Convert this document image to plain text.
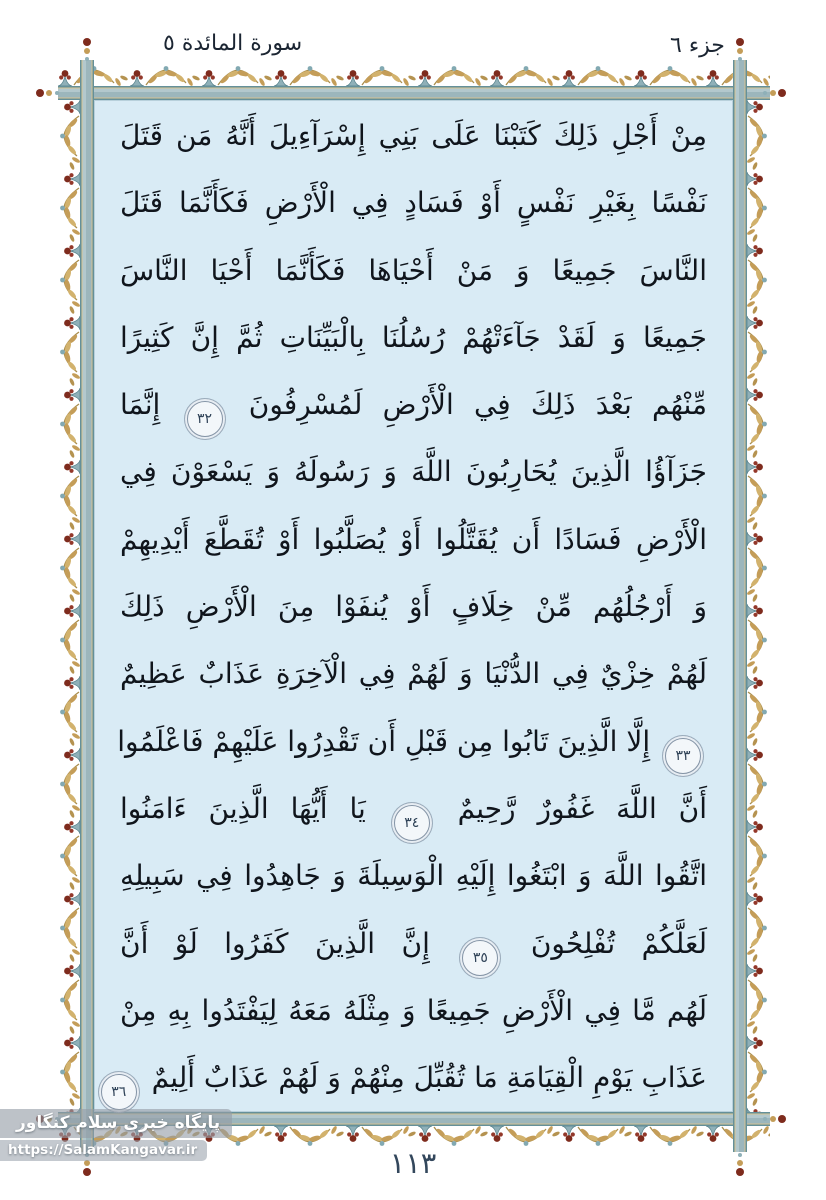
سورة المائدة ٥	جزء ٦
مِنْ أَجْلِ ذَلِكَ كَتَبْنَا عَلَى بَنِي إِسْرَآءِيلَ أَنَّهُ مَن قَتَلَ
نَفْسًا بِغَيْرِ نَفْسٍ أَوْ فَسَادٍ فِي الْأَرْضِ فَكَأَنَّمَا قَتَلَ
النَّاسَ جَمِيعًا وَ مَنْ أَحْيَاهَا فَكَأَنَّمَا أَحْيَا النَّاسَ
جَمِيعًا وَ لَقَدْ جَآءَتْهُمْ رُسُلُنَا بِالْبَيِّنَاتِ ثُمَّ إِنَّ كَثِيرًا
مِّنْهُم بَعْدَ ذَلِكَ فِي الْأَرْضِ لَمُسْرِفُونَ
٣٢
إِنَّمَا
جَزَآؤُا الَّذِينَ يُحَارِبُونَ اللَّهَ وَ رَسُولَهُ وَ يَسْعَوْنَ فِي
الْأَرْضِ فَسَادًا أَن يُقَتَّلُوا أَوْ يُصَلَّبُوا أَوْ تُقَطَّعَ أَيْدِيهِمْ
وَ أَرْجُلُهُم مِّنْ خِلَافٍ أَوْ يُنفَوْا مِنَ الْأَرْضِ ذَلِكَ
لَهُمْ خِزْيٌ فِي الدُّنْيَا وَ لَهُمْ فِي الْآخِرَةِ عَذَابٌ عَظِيمٌ
٣٣
إِلَّا الَّذِينَ تَابُوا مِن قَبْلِ أَن تَقْدِرُوا عَلَيْهِمْ فَاعْلَمُوا
أَنَّ اللَّهَ غَفُورٌ رَّحِيمٌ
٣٤
يَا أَيُّهَا الَّذِينَ ءَامَنُوا
اتَّقُوا اللَّهَ وَ ابْتَغُوا إِلَيْهِ الْوَسِيلَةَ وَ جَاهِدُوا فِي سَبِيلِهِ
لَعَلَّكُمْ تُفْلِحُونَ
٣٥
إِنَّ الَّذِينَ كَفَرُوا لَوْ أَنَّ
لَهُم مَّا فِي الْأَرْضِ جَمِيعًا وَ مِثْلَهُ مَعَهُ لِيَفْتَدُوا بِهِ مِنْ
عَذَابِ يَوْمِ الْقِيَامَةِ مَا تُقُبِّلَ مِنْهُمْ وَ لَهُمْ عَذَابٌ أَلِيمٌ
٣٦
١١٣
پایگاه خبری سلام کنگاور
https://SalamKangavar.ir
